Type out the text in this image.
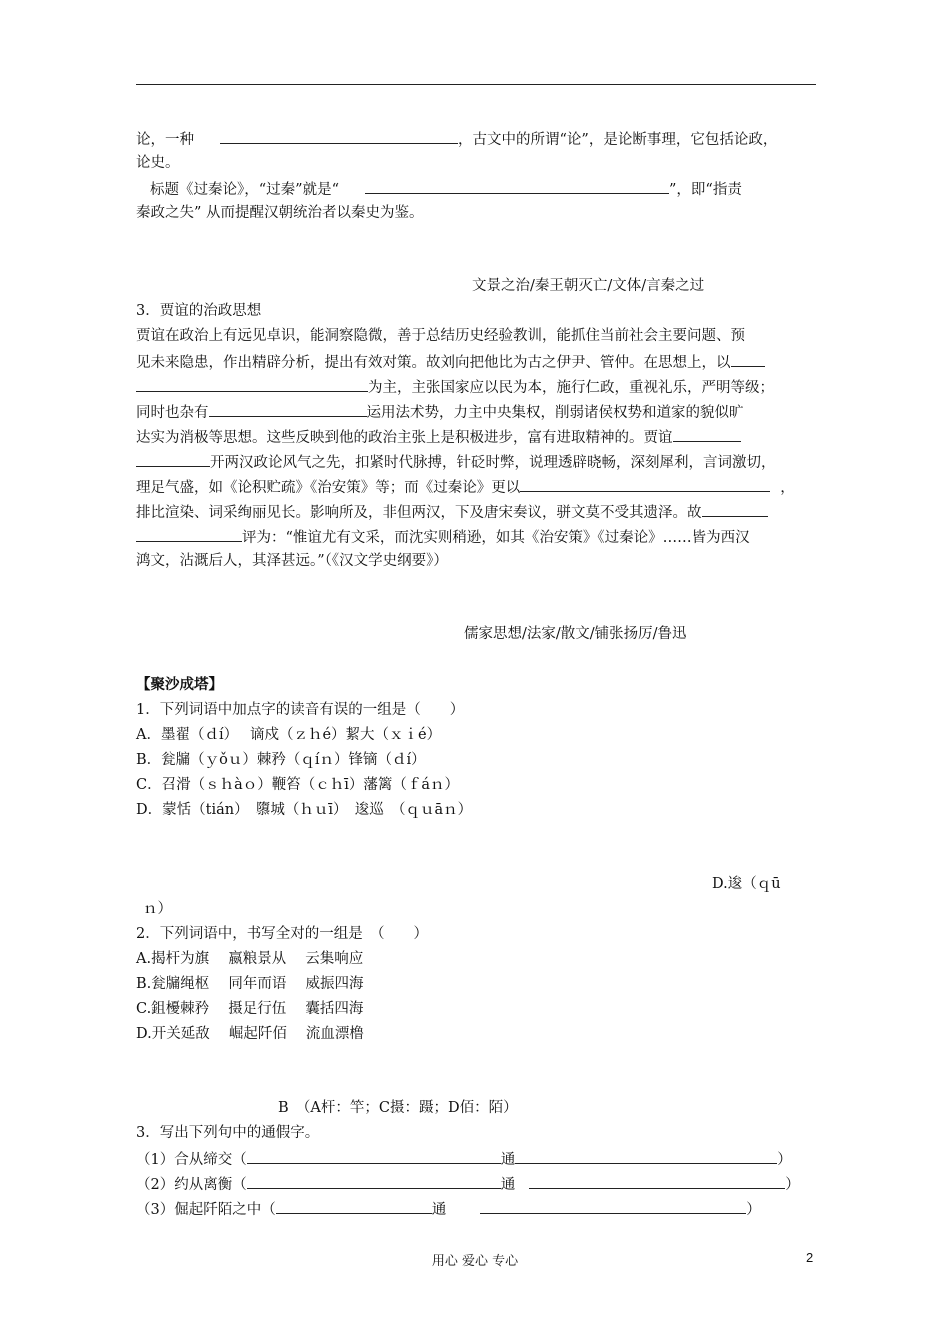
论，一种	，古文中的所谓“论”，是论断事理，它包括论政，
论史。
标题《过秦论》，“过秦”就是“	”，即“指责
秦政之失” 从而提醒汉朝统治者以秦史为鉴。
文景之治/秦王朝灭亡/文体/言秦之过
3．贾谊的治政思想
贾谊在政治上有远见卓识，能洞察隐微，善于总结历史经验教训，能抓住当前社会主要问题、预
见未来隐患，作出精辟分析，提出有效对策。故刘向把他比为古之伊尹、管仲。在思想上，以
为主，主张国家应以民为本，施行仁政，重视礼乐，严明等级；
同时也杂有	运用法术势，力主中央集权，削弱诸侯权势和道家的貌似旷
达实为消极等思想。这些反映到他的政治主张上是积极进步，富有进取精神的。贾谊
开两汉政论风气之先，扣紧时代脉搏，针砭时弊，说理透辟晓畅，深刻犀利，言词激切，
理足气盛，如《论积贮疏》《治安策》等；而《过秦论》更以	，
排比渲染、词采绚丽见长。影响所及，非但两汉，下及唐宋奏议，骈文莫不受其遗泽。故
评为：“惟谊尤有文采，而沈实则稍逊，如其《治安策》《过秦论》……皆为西汉
鸿文，沾溉后人，其泽甚远。”（《汉文学史纲要》）
儒家思想/法家/散文/铺张扬厉/鲁迅
【聚沙成塔】
1．下列词语中加点字的读音有误的一组是（　　）
A．墨翟（ｄí）　 谪戍（ｚｈé）絜大（ｘｉé）
B．瓮牖（ｙǒｕ）棘矜（ｑíｎ）锋镝（ｄí）
C．召滑（ｓｈàｏ）鞭笞（ｃｈī）藩篱（ｆáｎ）
D．蒙恬（tián）　隳城（ｈｕī）　逡巡　（ｑｕāｎ）
D.逡（ｑū
ｎ）
2．下列词语中，书写全对的一组是　（　　）
A.揭杆为旗　 嬴粮景从　 云集响应
B.瓮牖绳枢　 同年而语　 威振四海
C.鉏櫌棘矜　 摄足行伍　 囊括四海
D.开关延敌　 崛起阡佰　 流血漂橹
B　（A杆：竿；C摄：蹑；D佰：陌）
3．写出下列句中的通假字。
（1）合从缔交（	通	）
（2）约从离衡（	通	）
（3）倔起阡陌之中（	通	）
用心 爱心 专心	2
